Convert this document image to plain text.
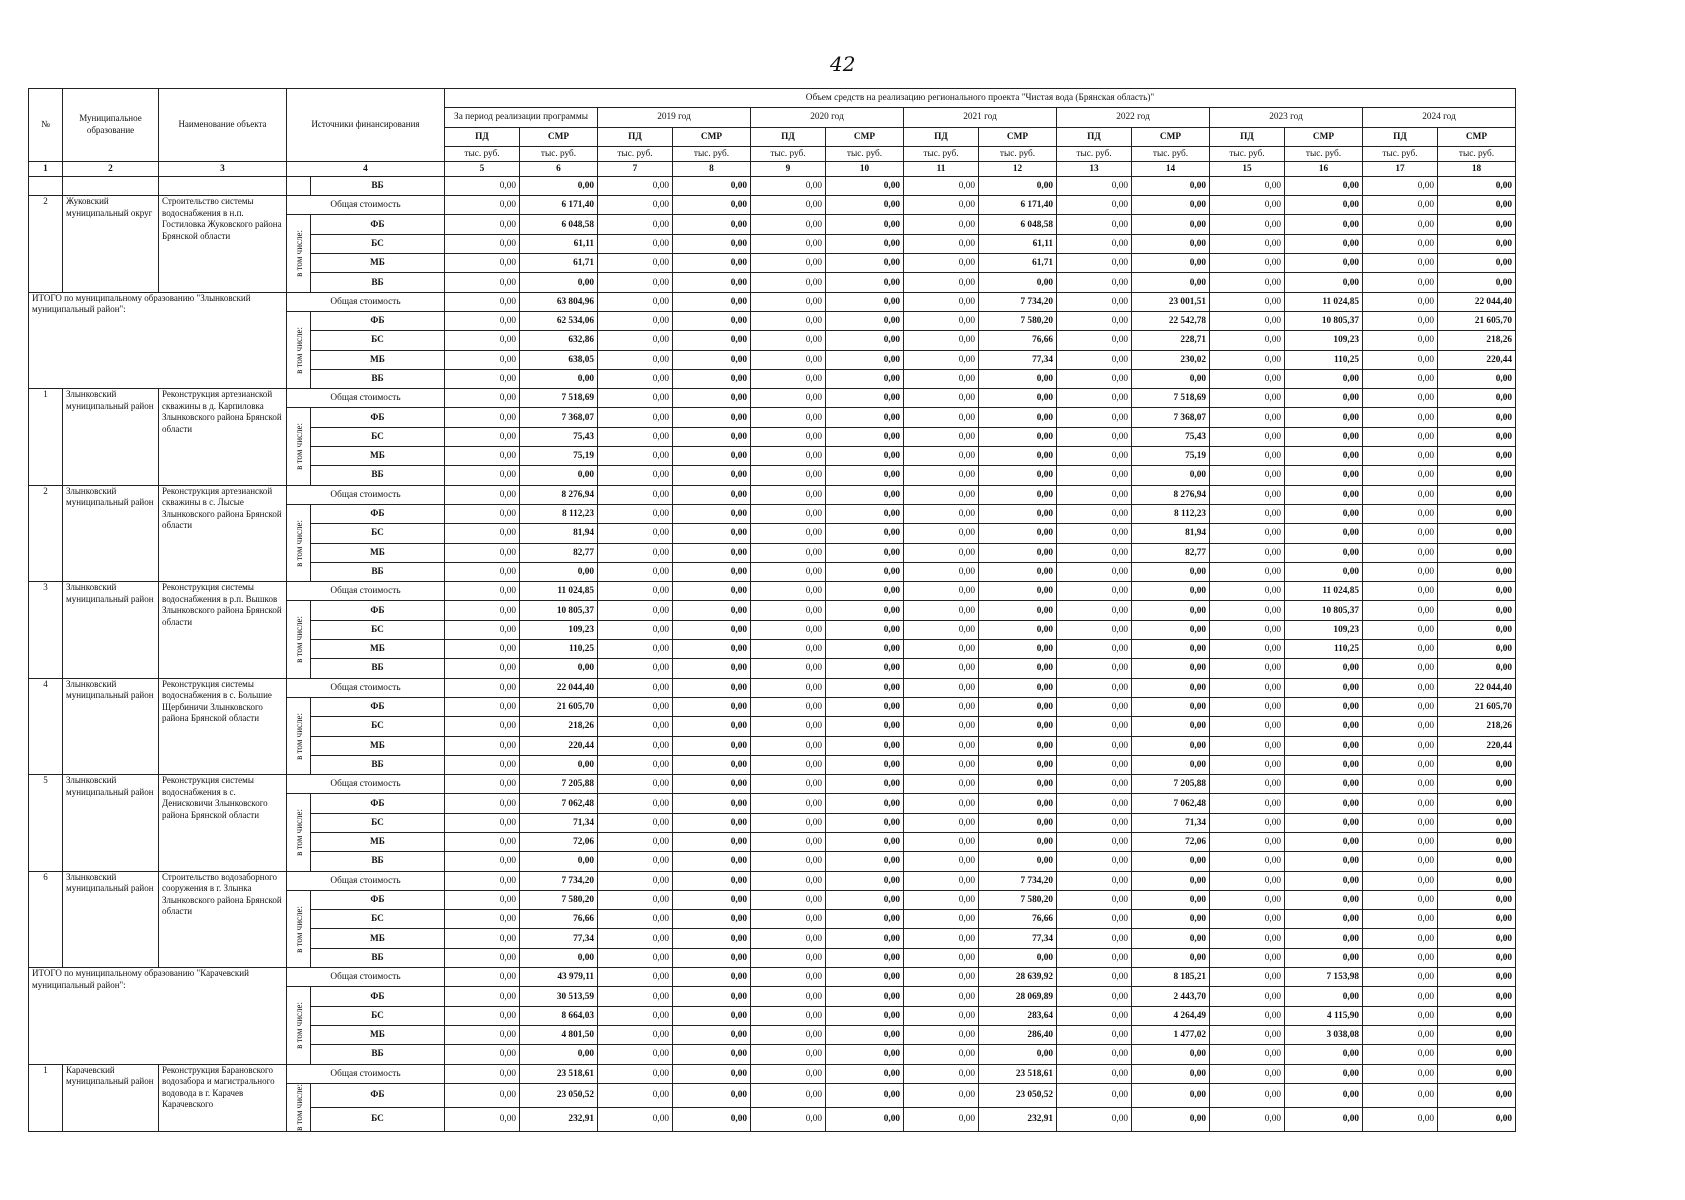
42
№	Муниципальное образование	Наименование объекта	Источники финансирования		Объем средств на реализацию регионального проекта "Чистая вода (Брянская область)"													
					За период реализации программы		2019 год		2020 год		2021 год		2022 год		2023 год		2024 год	
					ПД	СМР	ПД	СМР	ПД	СМР	ПД	СМР	ПД	СМР	ПД	СМР	ПД	СМР
					тыс. руб.	тыс. руб.	тыс. руб.	тыс. руб.	тыс. руб.	тыс. руб.	тыс. руб.	тыс. руб.	тыс. руб.	тыс. руб.	тыс. руб.	тыс. руб.	тыс. руб.	тыс. руб.
1	2	3	4		5	6	7	8	9	10	11	12	13	14	15	16	17	18
				ВБ	0,00	0,00	0,00	0,00	0,00	0,00	0,00	0,00	0,00	0,00	0,00	0,00	0,00	0,00
2	Жуковский муниципальный округ	Строительство системы водоснабжения в н.п. Гостиловка Жуковского района Брянской области	Общая стоимость		0,00	6 171,40	0,00	0,00	0,00	0,00	0,00	6 171,40	0,00	0,00	0,00	0,00	0,00	0,00

			в том числе:	ФБ	0,00	6 048,58	0,00	0,00	0,00	0,00	0,00	6 048,58	0,00	0,00	0,00	0,00	0,00	0,00
				БС	0,00	61,11	0,00	0,00	0,00	0,00	0,00	61,11	0,00	0,00	0,00	0,00	0,00	0,00
				МБ	0,00	61,71	0,00	0,00	0,00	0,00	0,00	61,71	0,00	0,00	0,00	0,00	0,00	0,00
				ВБ	0,00	0,00	0,00	0,00	0,00	0,00	0,00	0,00	0,00	0,00	0,00	0,00	0,00	0,00
ИТОГО по муниципальному образованию "Злынковский муниципальный район":			Общая стоимость		0,00	63 804,96	0,00	0,00	0,00	0,00	0,00	7 734,20	0,00	23 001,51	0,00	11 024,85	0,00	22 044,40

			в том числе:	ФБ	0,00	62 534,06	0,00	0,00	0,00	0,00	0,00	7 580,20	0,00	22 542,78	0,00	10 805,37	0,00	21 605,70
				БС	0,00	632,86	0,00	0,00	0,00	0,00	0,00	76,66	0,00	228,71	0,00	109,23	0,00	218,26
				МБ	0,00	638,05	0,00	0,00	0,00	0,00	0,00	77,34	0,00	230,02	0,00	110,25	0,00	220,44
				ВБ	0,00	0,00	0,00	0,00	0,00	0,00	0,00	0,00	0,00	0,00	0,00	0,00	0,00	0,00
1	Злынковский муниципальный район	Реконструкция артезианской скважины в д. Карпиловка Злынковского района Брянской области	Общая стоимость		0,00	7 518,69	0,00	0,00	0,00	0,00	0,00	0,00	0,00	7 518,69	0,00	0,00	0,00	0,00

			в том числе:	ФБ	0,00	7 368,07	0,00	0,00	0,00	0,00	0,00	0,00	0,00	7 368,07	0,00	0,00	0,00	0,00
				БС	0,00	75,43	0,00	0,00	0,00	0,00	0,00	0,00	0,00	75,43	0,00	0,00	0,00	0,00
				МБ	0,00	75,19	0,00	0,00	0,00	0,00	0,00	0,00	0,00	75,19	0,00	0,00	0,00	0,00
				ВБ	0,00	0,00	0,00	0,00	0,00	0,00	0,00	0,00	0,00	0,00	0,00	0,00	0,00	0,00
2	Злынковский муниципальный район	Реконструкция артезианской скважины в с. Лысые Злынковского района Брянской области	Общая стоимость		0,00	8 276,94	0,00	0,00	0,00	0,00	0,00	0,00	0,00	8 276,94	0,00	0,00	0,00	0,00

			в том числе:	ФБ	0,00	8 112,23	0,00	0,00	0,00	0,00	0,00	0,00	0,00	8 112,23	0,00	0,00	0,00	0,00
				БС	0,00	81,94	0,00	0,00	0,00	0,00	0,00	0,00	0,00	81,94	0,00	0,00	0,00	0,00
				МБ	0,00	82,77	0,00	0,00	0,00	0,00	0,00	0,00	0,00	82,77	0,00	0,00	0,00	0,00
				ВБ	0,00	0,00	0,00	0,00	0,00	0,00	0,00	0,00	0,00	0,00	0,00	0,00	0,00	0,00
3	Злынковский муниципальный район	Реконструкция системы водоснабжения в р.п. Вышков Злынковского района Брянской области	Общая стоимость		0,00	11 024,85	0,00	0,00	0,00	0,00	0,00	0,00	0,00	0,00	0,00	11 024,85	0,00	0,00

			в том числе:	ФБ	0,00	10 805,37	0,00	0,00	0,00	0,00	0,00	0,00	0,00	0,00	0,00	10 805,37	0,00	0,00
				БС	0,00	109,23	0,00	0,00	0,00	0,00	0,00	0,00	0,00	0,00	0,00	109,23	0,00	0,00
				МБ	0,00	110,25	0,00	0,00	0,00	0,00	0,00	0,00	0,00	0,00	0,00	110,25	0,00	0,00
				ВБ	0,00	0,00	0,00	0,00	0,00	0,00	0,00	0,00	0,00	0,00	0,00	0,00	0,00	0,00
4	Злынковский муниципальный район	Реконструкция системы водоснабжения в с. Большие Щербиничи Злынковского района Брянской области	Общая стоимость		0,00	22 044,40	0,00	0,00	0,00	0,00	0,00	0,00	0,00	0,00	0,00	0,00	0,00	22 044,40

			в том числе:	ФБ	0,00	21 605,70	0,00	0,00	0,00	0,00	0,00	0,00	0,00	0,00	0,00	0,00	0,00	21 605,70
				БС	0,00	218,26	0,00	0,00	0,00	0,00	0,00	0,00	0,00	0,00	0,00	0,00	0,00	218,26
				МБ	0,00	220,44	0,00	0,00	0,00	0,00	0,00	0,00	0,00	0,00	0,00	0,00	0,00	220,44
				ВБ	0,00	0,00	0,00	0,00	0,00	0,00	0,00	0,00	0,00	0,00	0,00	0,00	0,00	0,00
5	Злынковский муниципальный район	Реконструкция системы водоснабжения в с. Денисковичи Злынковского района Брянской области	Общая стоимость		0,00	7 205,88	0,00	0,00	0,00	0,00	0,00	0,00	0,00	7 205,88	0,00	0,00	0,00	0,00

			в том числе:	ФБ	0,00	7 062,48	0,00	0,00	0,00	0,00	0,00	0,00	0,00	7 062,48	0,00	0,00	0,00	0,00
				БС	0,00	71,34	0,00	0,00	0,00	0,00	0,00	0,00	0,00	71,34	0,00	0,00	0,00	0,00
				МБ	0,00	72,06	0,00	0,00	0,00	0,00	0,00	0,00	0,00	72,06	0,00	0,00	0,00	0,00
				ВБ	0,00	0,00	0,00	0,00	0,00	0,00	0,00	0,00	0,00	0,00	0,00	0,00	0,00	0,00
6	Злынковский муниципальный район	Строительство водозаборного сооружения в г. Злынка Злынковского района Брянской области	Общая стоимость		0,00	7 734,20	0,00	0,00	0,00	0,00	0,00	7 734,20	0,00	0,00	0,00	0,00	0,00	0,00

			в том числе:	ФБ	0,00	7 580,20	0,00	0,00	0,00	0,00	0,00	7 580,20	0,00	0,00	0,00	0,00	0,00	0,00
				БС	0,00	76,66	0,00	0,00	0,00	0,00	0,00	76,66	0,00	0,00	0,00	0,00	0,00	0,00
				МБ	0,00	77,34	0,00	0,00	0,00	0,00	0,00	77,34	0,00	0,00	0,00	0,00	0,00	0,00
				ВБ	0,00	0,00	0,00	0,00	0,00	0,00	0,00	0,00	0,00	0,00	0,00	0,00	0,00	0,00
ИТОГО по муниципальному образованию "Карачевский муниципальный район":			Общая стоимость		0,00	43 979,11	0,00	0,00	0,00	0,00	0,00	28 639,92	0,00	8 185,21	0,00	7 153,98	0,00	0,00

			в том числе:	ФБ	0,00	30 513,59	0,00	0,00	0,00	0,00	0,00	28 069,89	0,00	2 443,70	0,00	0,00	0,00	0,00
				БС	0,00	8 664,03	0,00	0,00	0,00	0,00	0,00	283,64	0,00	4 264,49	0,00	4 115,90	0,00	0,00
				МБ	0,00	4 801,50	0,00	0,00	0,00	0,00	0,00	286,40	0,00	1 477,02	0,00	3 038,08	0,00	0,00
				ВБ	0,00	0,00	0,00	0,00	0,00	0,00	0,00	0,00	0,00	0,00	0,00	0,00	0,00	0,00
1	Карачевский муниципальный район	Реконструкция Барановского водозабора и магистрального водовода в г. Карачев Карачевского	Общая стоимость		0,00	23 518,61	0,00	0,00	0,00	0,00	0,00	23 518,61	0,00	0,00	0,00	0,00	0,00	0,00

			в том числе:	ФБ	0,00	23 050,52	0,00	0,00	0,00	0,00	0,00	23 050,52	0,00	0,00	0,00	0,00	0,00	0,00
				БС	0,00	232,91	0,00	0,00	0,00	0,00	0,00	232,91	0,00	0,00	0,00	0,00	0,00	0,00
